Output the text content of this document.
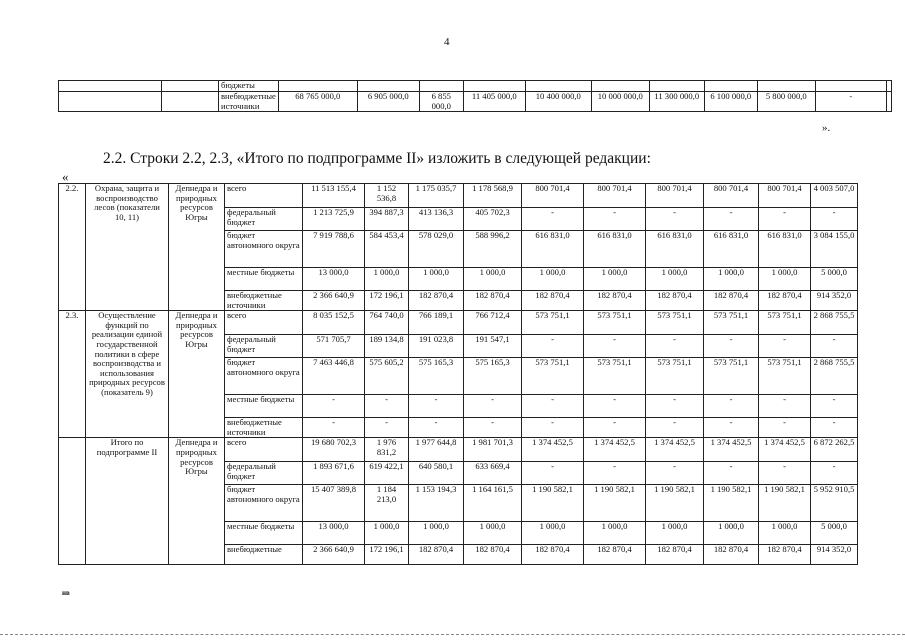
4
		бюджеты											
		внебюджетные источники	68 765 000,0	6 905 000,0	6 855 000,0	11 405 000,0	10 400 000,0	10 000 000,0	11 300 000,0	6 100 000,0	5 800 000,0	-	
».
2.2. Строки 2.2, 2.3, «Итого по подпрограмме II» изложить в следующей редакции:
«
2.2.	Охрана, защита и воспроизводство лесов (показатели 10, 11)	Депнедра и природных ресурсов Югры	всего	11 513 155,4	1 152 536,8	1 175 035,7	1 178 568,9	800 701,4	800 701,4	800 701,4	800 701,4	800 701,4	4 003 507,0
			федеральный бюджет	1 213 725,9	394 887,3	413 136,3	405 702,3	-	-	-	-	-	-
			бюджет автономного округа	7 919 788,6	584 453,4	578 029,0	588 996,2	616 831,0	616 831,0	616 831,0	616 831,0	616 831,0	3 084 155,0
			местные бюджеты	13 000,0	1 000,0	1 000,0	1 000,0	1 000,0	1 000,0	1 000,0	1 000,0	1 000,0	5 000,0
			внебюджетные источники	2 366 640,9	172 196,1	182 870,4	182 870,4	182 870,4	182 870,4	182 870,4	182 870,4	182 870,4	914 352,0
2.3.	Осуществление функций по реализации единой государственной политики в сфере воспроизводства и использования природных ресурсов (показатель 9)	Депнедра и природных ресурсов Югры	всего	8 035 152,5	764 740,0	766 189,1	766 712,4	573 751,1	573 751,1	573 751,1	573 751,1	573 751,1	2 868 755,5
			федеральный бюджет	571 705,7	189 134,8	191 023,8	191 547,1	-	-	-	-	-	-
			бюджет автономного округа	7 463 446,8	575 605,2	575 165,3	575 165,3	573 751,1	573 751,1	573 751,1	573 751,1	573 751,1	2 868 755,5
			местные бюджеты	-	-	-	-	-	-	-	-	-	-
			внебюджетные источники	-	-	-	-	-	-	-	-	-	-
	Итого по подпрограмме II	Депнедра и природных ресурсов Югры	всего	19 680 702,3	1 976 831,2	1 977 644,8	1 981 701,3	1 374 452,5	1 374 452,5	1 374 452,5	1 374 452,5	1 374 452,5	6 872 262,5
			федеральный бюджет	1 893 671,6	619 422,1	640 580,1	633 669,4	-	-	-	-	-	-
			бюджет автономного округа	15 407 389,8	1 184 213,0	1 153 194,3	1 164 161,5	1 190 582,1	1 190 582,1	1 190 582,1	1 190 582,1	1 190 582,1	5 952 910,5
			местные бюджеты	13 000,0	1 000,0	1 000,0	1 000,0	1 000,0	1 000,0	1 000,0	1 000,0	1 000,0	5 000,0
			внебюджетные	2 366 640,9	172 196,1	182 870,4	182 870,4	182 870,4	182 870,4	182 870,4	182 870,4	182 870,4	914 352,0
нв
